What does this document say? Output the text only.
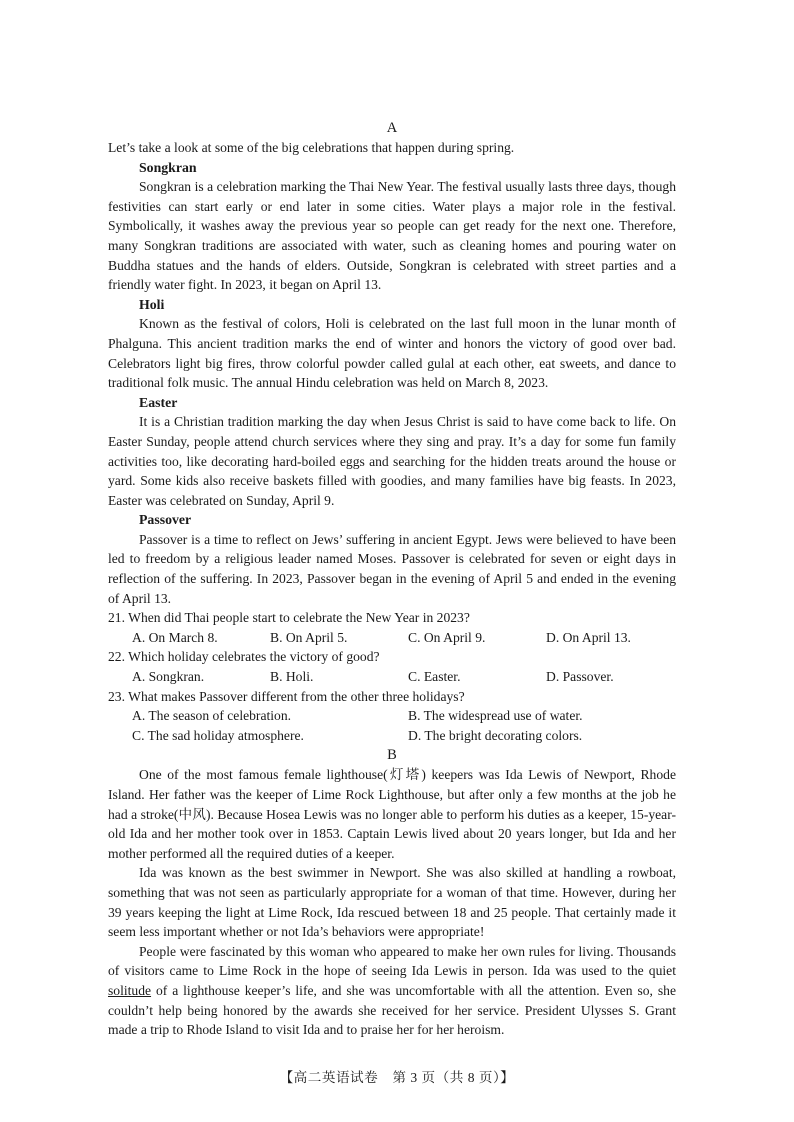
A

Let’s take a look at some of the big celebrations that happen during spring.

Songkran

Songkran is a celebration marking the Thai New Year. The festival usually lasts three days, though festivities can start early or end later in some cities. Water plays a major role in the festival. Symbolically, it washes away the previous year so people can get ready for the next one. Therefore, many Songkran traditions are associated with water, such as cleaning homes and pouring water on Buddha statues and the hands of elders. Outside, Songkran is celebrated with street parties and a friendly water fight. In 2023, it began on April 13.

Holi

Known as the festival of colors, Holi is celebrated on the last full moon in the lunar month of Phalguna. This ancient tradition marks the end of winter and honors the victory of good over bad. Celebrators light big fires, throw colorful powder called gulal at each other, eat sweets, and dance to traditional folk music. The annual Hindu celebration was held on March 8, 2023.

Easter

It is a Christian tradition marking the day when Jesus Christ is said to have come back to life. On Easter Sunday, people attend church services where they sing and pray. It’s a day for some fun family activities too, like decorating hard-boiled eggs and searching for the hidden treats around the house or yard. Some kids also receive baskets filled with goodies, and many families have big feasts. In 2023, Easter was celebrated on Sunday, April 9.

Passover

Passover is a time to reflect on Jews’ suffering in ancient Egypt. Jews were believed to have been led to freedom by a religious leader named Moses. Passover is celebrated for seven or eight days in reflection of the suffering. In 2023, Passover began in the evening of April 5 and ended in the evening of April 13.

21. When did Thai people start to celebrate the New Year in 2023?
A. On March 8.	B. On April 5.	C. On April 9.	D. On April 13.
22. Which holiday celebrates the victory of good?
A. Songkran.	B. Holi.	C. Easter.	D. Passover.
23. What makes Passover different from the other three holidays?
A. The season of celebration.	B. The widespread use of water.
C. The sad holiday atmosphere.	D. The bright decorating colors.
B

One of the most famous female lighthouse(灯塔) keepers was Ida Lewis of Newport, Rhode Island. Her father was the keeper of Lime Rock Lighthouse, but after only a few months at the job he had a stroke(中风). Because Hosea Lewis was no longer able to perform his duties as a keeper, 15-year-old Ida and her mother took over in 1853. Captain Lewis lived about 20 years longer, but Ida and her mother performed all the required duties of a keeper.

Ida was known as the best swimmer in Newport. She was also skilled at handling a rowboat, something that was not seen as particularly appropriate for a woman of that time. However, during her 39 years keeping the light at Lime Rock, Ida rescued between 18 and 25 people. That certainly made it seem less important whether or not Ida’s behaviors were appropriate!

People were fascinated by this woman who appeared to make her own rules for living. Thousands of visitors came to Lime Rock in the hope of seeing Ida Lewis in person. Ida was used to the quiet solitude of a lighthouse keeper’s life, and she was uncomfortable with all the attention. Even so, she couldn’t help being honored by the awards she received for her service. President Ulysses S. Grant made a trip to Rhode Island to visit Ida and to praise her for her heroism.

【高二英语试卷　第 3 页（共 8 页）】
